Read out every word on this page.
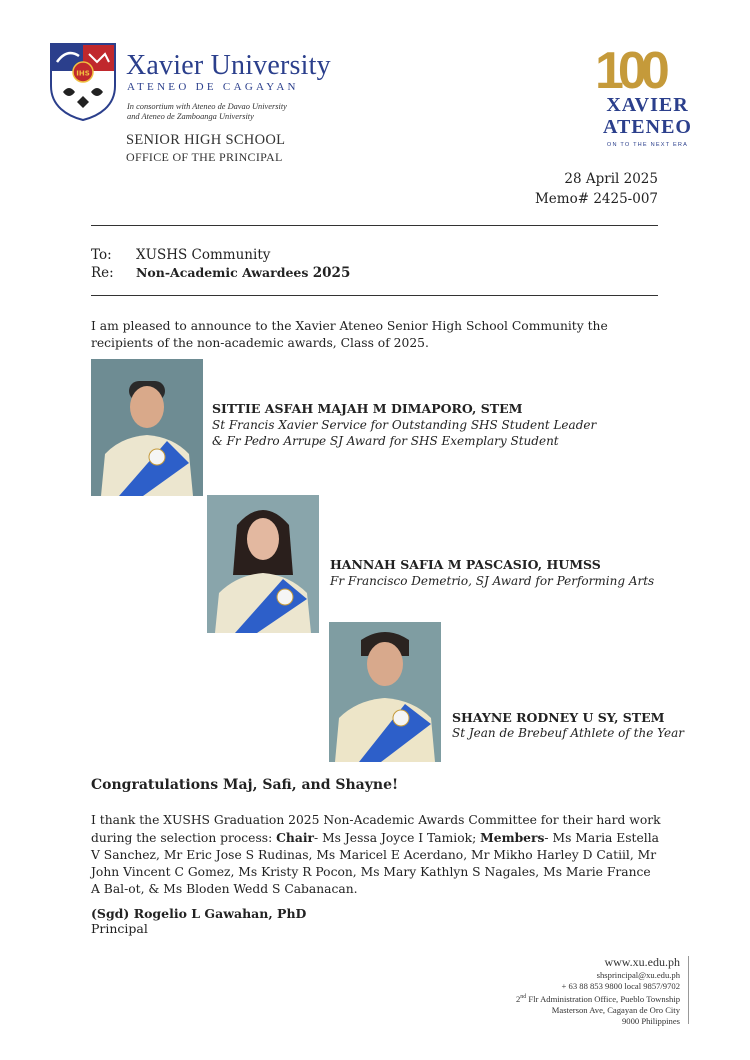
IHS Xavier University
ATENEO DE CAGAYAN
In consortium with Ateneo de Davao University
and Ateneo de Zamboanga University
SENIOR HIGH SCHOOL
OFFICE OF THE PRINCIPAL
100
XAVIER
ATENEO
ON TO THE NEXT ERA
28 April 2025
Memo# 2425-007
To: XUSHS Community
Re: Non-Academic Awardees 2025
I am pleased to announce to the Xavier Ateneo Senior High School Community the recipients of the non-academic awards, Class of 2025.
SITTIE ASFAH MAJAH M DIMAPORO, STEM
St Francis Xavier Service for Outstanding SHS Student Leader
& Fr Pedro Arrupe SJ Award for SHS Exemplary Student
HANNAH SAFIA M PASCASIO, HUMSS
Fr Francisco Demetrio, SJ Award for Performing Arts
SHAYNE RODNEY U SY, STEM
St Jean de Brebeuf Athlete of the Year
Congratulations Maj, Safi, and Shayne!
I thank the XUSHS Graduation 2025 Non-Academic Awards Committee for their hard work during the selection process: Chair- Ms Jessa Joyce I Tamiok; Members- Ms Maria Estella V Sanchez, Mr Eric Jose S Rudinas, Ms Maricel E Acerdano, Mr Mikho Harley D Catiil, Mr John Vincent C Gomez, Ms Kristy R Pocon, Ms Mary Kathlyn S Nagales, Ms Marie France A Bal-ot, & Ms Bloden Wedd S Cabanacan.
(Sgd) Rogelio L Gawahan, PhD
Principal
www.xu.edu.ph
shsprincipal@xu.edu.ph
+ 63 88 853 9800 local 9857/9702
2nd Flr Administration Office, Pueblo Township
Masterson Ave, Cagayan de Oro City
9000 Philippines
